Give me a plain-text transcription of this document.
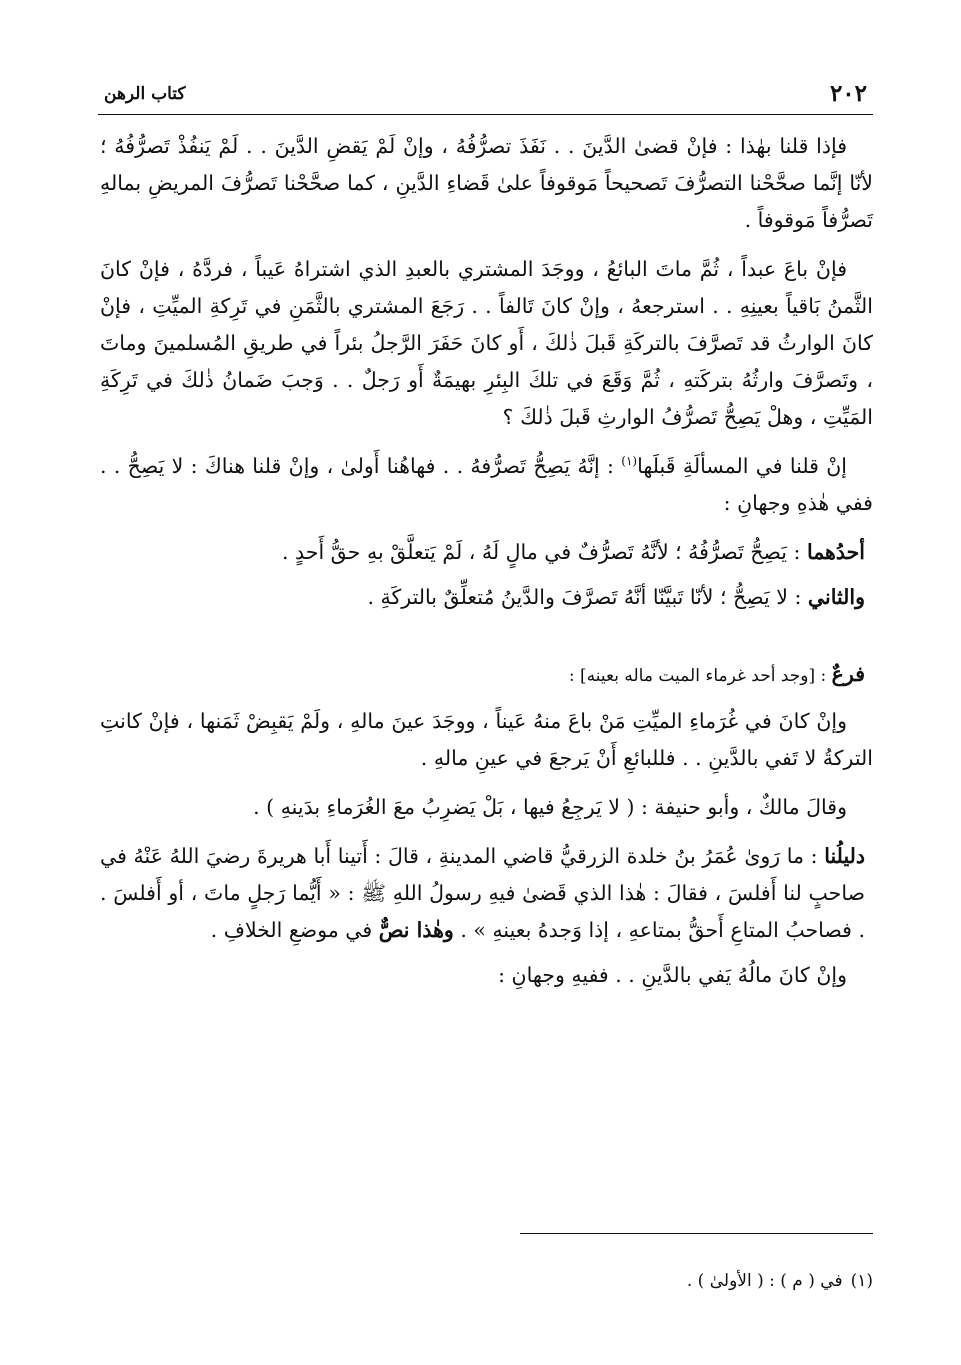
٢٠٢
كتاب الرهن

فإذا قلنا بهٰذا : فإنْ قضىٰ الدَّينَ . . نَفَذَ تصرُّفُهُ ، وإنْ لَمْ يَقضِ الدَّينَ . . لَمْ يَنفُذْ تَصرُّفُهُ ؛ لأنّا إنَّما صحَّحْنا التصرُّفَ تَصحيحاً مَوقوفاً علىٰ قَضاءِ الدَّينِ ، كما صحَّحْنا تَصرُّفَ المريضِ بمالهِ تَصرُّفاً مَوقوفاً .

فإنْ باعَ عبداً ، ثُمَّ ماتَ البائعُ ، ووجَدَ المشتري بالعبدِ الذي اشتراهُ عَيباً ، فردَّهُ ، فإنْ كانَ الثَّمنُ بَاقياً بعينِهِ . . استرجعهُ ، وإنْ كانَ تَالفاً . . رَجَعَ المشتري بالثَّمَنِ في تَرِكةِ الميِّتِ ، فإنْ كانَ الوارثُ قد تَصرَّفَ بالتركَةِ قَبلَ ذٰلكَ ، أَو كانَ حَفَرَ الرَّجلُ بئراً في طريقِ المُسلمينَ وماتَ ، وتَصرَّفَ وارثُهُ بتركَتهِ ، ثُمَّ وَقَعَ في تلكَ البِئرِ بهيمَةٌ أَو رَجلٌ . . وَجبَ ضَمانُ ذٰلكَ في تَرِكَةِ المَيِّتِ ، وهلْ يَصِحُّ تَصرُّفُ الوارثِ قَبلَ ذٰلكَ ؟

إنْ قلنا في المسألَةِ قَبلَها$^{(١)}$ : إنَّهُ يَصِحُّ تَصرُّفهُ . . فهاهُنا أَولىٰ ، وإنْ قلنا هناكَ : لا يَصِحُّ . . ففي هٰذهِ وجهانِ :

أحدُهما : يَصِحُّ تَصرُّفُهُ ؛ لأنَّهُ تَصرُّفٌ في مالٍ لَهُ ، لَمْ يَتعلَّقْ بهِ حقُّ أَحدٍ .

والثاني : لا يَصِحُّ ؛ لأنّا تَبيَّنّا أنَّهُ تَصرَّفَ والدَّينُ مُتعلِّقٌ بالتركَةِ .

فرعٌ : [وجد أحد غرماء الميت ماله بعينه] :

وإنْ كانَ في غُرَماءِ الميِّتِ مَنْ باعَ منهُ عَيناً ، ووجَدَ عينَ مالهِ ، ولَمْ يَقبِضْ ثَمَنها ، فإنْ كانتِ التركةُ لا تَفي بالدَّينِ . . فللبائعِ أَنْ يَرجعَ في عينِ مالهِ .

وقالَ مالكٌ ، وأبو حنيفة : ( لا يَرجِعُ فيها ، بَلْ يَضرِبُ معَ الغُرَماءِ بدَينهِ ) .

دليلُنا : ما رَوىٰ عُمَرُ بنُ خلدة الزرقيُّ قاضي المدينةِ ، قالَ : أَتينا أَبا هريرةَ رضيَ اللهُ عَنْهُ في صاحبٍ لنا أَفلسَ ، فقالَ : هٰذا الذي قَضىٰ فيهِ رسولُ اللهِ ﷺ : « أَيُّما رَجلٍ ماتَ ، أو أَفلسَ . . فصاحبُ المتاعِ أَحقُّ بمتاعهِ ، إذا وَجدهُ بعينهِ » . وهٰذا نصٌّ في موضعِ الخلافِ .

وإنْ كانَ مالُهُ يَفي بالدَّينِ . . ففيهِ وجهانِ :

(١)في ( م ) : ( الأولىٰ ) .
